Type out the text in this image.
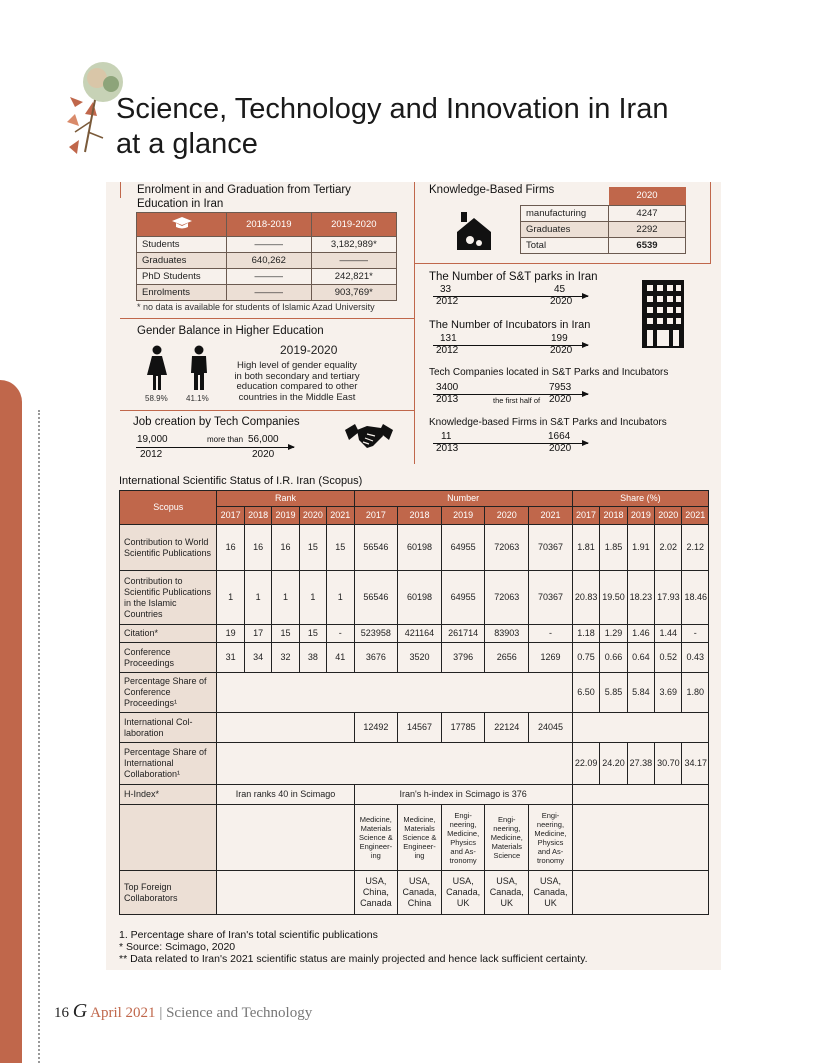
Science, Technology and Innovation in Iran
at a glance
Enrolment in and Graduation from Tertiary
Education in Iran
	2018-2019	2019-2020
Students	———	3,182,989*
Graduates	640,262	———
PhD Students	———	242,821*
Enrolments	———	903,769*
* no data is available for students of Islamic Azad University
Gender Balance in Higher Education
58.9% 41.1%
2019-2020
High level of gender equality
in both secondary and tertiary
education compared to other
countries in the Middle East
Job creation by Tech Companies
19,000	more than 56,000
2012	2020
Knowledge-Based Firms
		2020
manufacturing	4247
Graduates	2292
Total	6539
The Number of S&T parks in Iran
33	45
2012	2020
The Number of Incubators in Iran
131	199
2012	2020
Tech Companies located in S&T Parks and Incubators
3400	7953
2013	the first half of 2020
Knowledge-based Firms in S&T Parks and Incubators
11	1664
2013	2020
International Scientific Status of I.R. Iran (Scopus)
Scopus	Rank					Number					Share (%)				
	2017	2018	2019	2020	2021	2017	2018	2019	2020	2021	2017	2018	2019	2020	2021
Contribution to World Scientific Publications	16	16	16	15	15	56546	60198	64955	72063	70367	1.81	1.85	1.91	2.02	2.12
Contribution to Scientific Publications in the Islamic Countries	1	1	1	1	1	56546	60198	64955	72063	70367	20.83	19.50	18.23	17.93	18.46
Citation*	19	17	15	15	-	523958	421164	261714	83903	-	1.18	1.29	1.46	1.44	-
Conference Proceedings	31	34	32	38	41	3676	3520	3796	2656	1269	0.75	0.66	0.64	0.52	0.43
Percentage Share of Conference Proceedings¹											6.50	5.85	5.84	3.69	1.80
International Col-laboration						12492	14567	17785	22124	24045					
Percentage Share of International Collaboration¹											22.09	24.20	27.38	30.70	34.17
H-Index*	Iran ranks 40 in Scimago					Iran's h-index in Scimago is 376									
						Medicine, Materials Science & Engineer-ing	Medicine, Materials Science & Engineer-ing	Engi-neering, Medicine, Physics and As-tronomy	Engi-neering, Medicine, Materials Science	Engi-neering, Medicine, Physics and As-tronomy					
Top Foreign Collaborators						USA, China, Canada	USA, Canada, China	USA, Canada, UK	USA, Canada, UK	USA, Canada, UK					
1. Percentage share of Iran's total scientific publications
* Source: Scimago, 2020
** Data related to Iran's 2021 scientific status are mainly projected and hence lack sufficient certainty.
16 G April 2021 | Science and Technology
